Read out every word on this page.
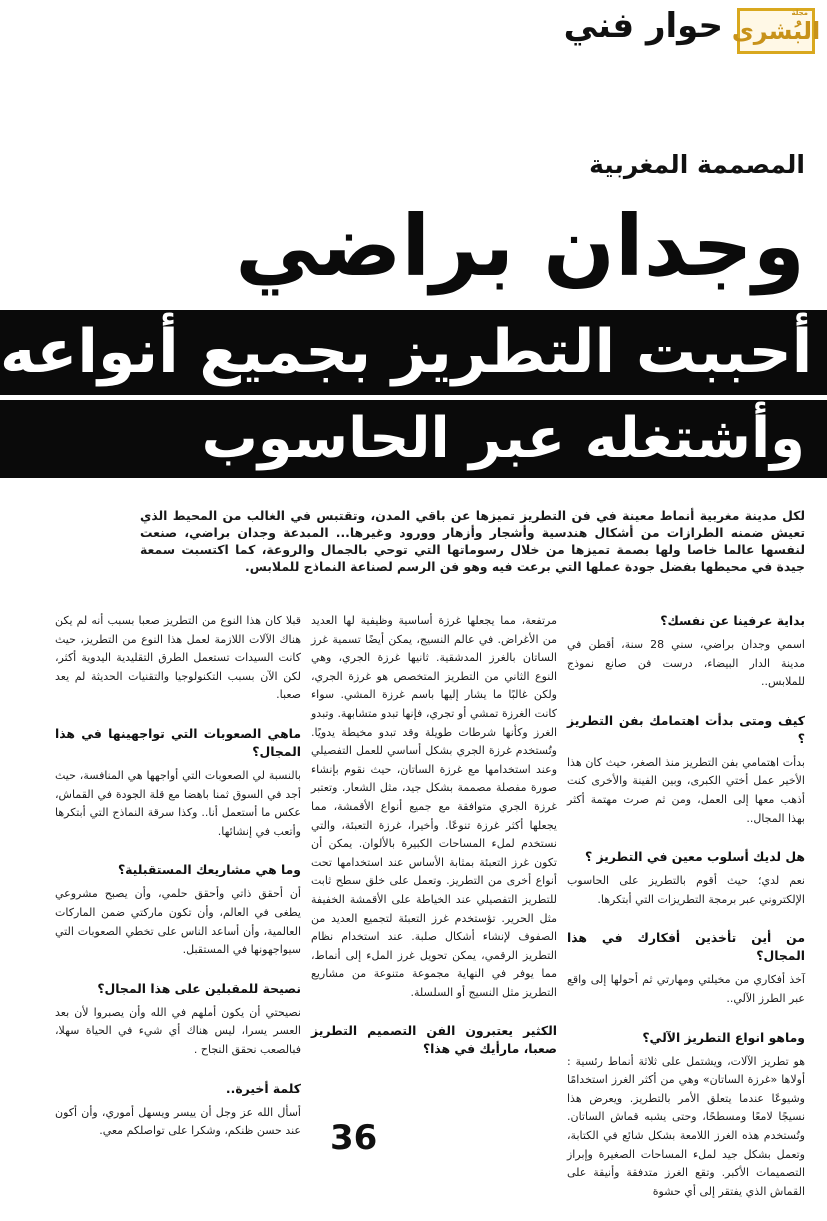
مجلة
البُشرى
حوار فني
المصممة المغربية
وجدان براضي
أحببت التطريز بجميع أنواعه
وأشتغله عبر الحاسوب
لكل مدينة مغربية أنماط معينة في فن التطريز تميزها عن باقي المدن، وتقتبس في الغالب من المحيط الذي تعيش ضمنه الطرازات من أشكال هندسية وأشجار وأزهار وورود وغيرها... المبدعة وجدان براضي، صنعت لنفسها عالما خاصا ولها بصمة تميزها من خلال رسوماتها التي توحي بالجمال والروعة، كما اكتسبت سمعة جيدة في محيطها بفضل جودة عملها التي برعت فيه وهو فن الرسم لصناعة النماذج للملابس.
بداية عرفينا عن نفسك؟

اسمي وجدان براضي، سني 28 سنة، أقطن في مدينة الدار البيضاء، درست فن صانع نموذج للملابس..

كيف ومتى بدأت اهتمامك بفن التطريز ؟

بدأت اهتمامي بفن التطريز منذ الصغر، حيث كان هذا الأخير عمل أختي الكبرى، وبين الفينة والأخرى كنت أذهب معها إلى العمل، ومن ثم صرت مهتمة أكثر بهذا المجال..

هل لديك أسلوب معين في التطريز ؟

نعم لدي؛ حيث أقوم بالتطريز على الحاسوب الإلكتروني عبر برمجة التطريزات التي أبتكرها.

من أين تأخذين أفكارك في هذا المجال؟

آخذ أفكاري من مخيلتي ومهارتي ثم أحولها إلى واقع عبر الطرز الآلي..

وماهو انواع التطريز الآلي؟

هو تطريز الآلات، ويشتمل على ثلاثة أنماط رئسية : أولاها «غرزة الساتان» وهي من أكثر الغرز استخدامًا وشيوعًا عندما يتعلق الأمر بالتطريز. ويعرض هذا نسيجًا لامعًا ومسطحًا، وحتى يشبه قماش الساتان. وتُستخدم هذه الغرز اللامعة بشكل شائع في الكتابة، وتعمل بشكل جيد لملء المساحات الصغيرة وإبراز التصميمات الأكبر. وتقع الغرز متدفقة وأنيقة على القماش الذي يفتقر إلى أي حشوة

مرتفعة، مما يجعلها غرزة أساسية وظيفية لها العديد من الأغراض. في عالم النسيج، يمكن أيضًا تسمية غرز الساتان بالغرز المدشقية. ثانيها غرزة الجري، وهي النوع الثاني من التطريز المتخصص هو غرزة الجري، ولكن غالبًا ما يشار إليها باسم غرزة المشي. سواء كانت الغرزة تمشي أو تجري، فإنها تبدو متشابهة. وتبدو الغرز وكأنها شرطات طويلة وقد تبدو مخيطة يدويًا. وتُستخدم غرزة الجري بشكل أساسي للعمل التفصيلي وعند استخدامها مع غرزة الساتان، حيث نقوم بإنشاء صورة مفصلة مصممة بشكل جيد، مثل الشعار. وتعتبر غرزة الجري متوافقة مع جميع أنواع الأقمشة، مما يجعلها أكثر غرزة تنوعًا. وأخيرا، غرزة التعبئة، والتي نستخدم لملء المساحات الكبيرة بالألوان. يمكن أن تكون غرز التعبئة بمثابة الأساس عند استخدامها تحت أنواع أخرى من التطريز. وتعمل على خلق سطح ثابت للتطريز التفصيلي عند الخياطة على الأقمشة الخفيفة مثل الحرير. تؤستخدم غرز التعبئة لتجميع العديد من الصفوف لإنشاء أشكال صلبة. عند استخدام نظام التطريز الرقمي، يمكن تحويل غرز الملء إلى أنماط، مما يوفر في النهاية مجموعة متنوعة من مشاريع التطريز مثل النسيج أو السلسلة.

الكثير يعتبرون الفن التصميم التطريز صعبا، مارأيك في هذا؟

قبلا كان هذا النوع من التطريز صعبا بسبب أنه لم يكن هناك الآلات اللازمة لعمل هذا النوع من التطريز، حيث كانت السيدات تستعمل الطرق التقليدية اليدوية أكثر، لكن الآن بسبب التكنولوجيا والتقنيات الحديثة لم يعد صعبا.

ماهي الصعوبات التي تواجهينها في هذا المجال؟

بالنسبة لي الصعوبات التي أواجهها هي المنافسة، حيث أجد في السوق ثمنا باهضا مع قلة الجودة في القماش، عكس ما أستعمل أنا.. وكذا سرقة النماذج التي أبتكرها وأتعب في إنشائها.

وما هي مشاريعك المستقبلية؟

أن أحقق ذاتي وأحقق حلمي، وأن يصبح مشروعي يطغى في العالم، وأن تكون ماركتي ضمن الماركات العالمية، وأن أساعد الناس على تخطي الصعوبات التي سيواجهونها في المستقبل.

نصيحة للمقبلين على هذا المجال؟

نصيحتي أن يكون أملهم في الله وأن يصبروا لأن بعد العسر يسرا، ليس هناك أي شيء في الحياة سهلا، فبالصعب نحقق النجاح .

كلمة أخيرة..

أسأل الله عز وجل أن ييسر ويسهل أموري، وأن أكون عند حسن ظنكم، وشكرا على تواصلكم معي. 36
